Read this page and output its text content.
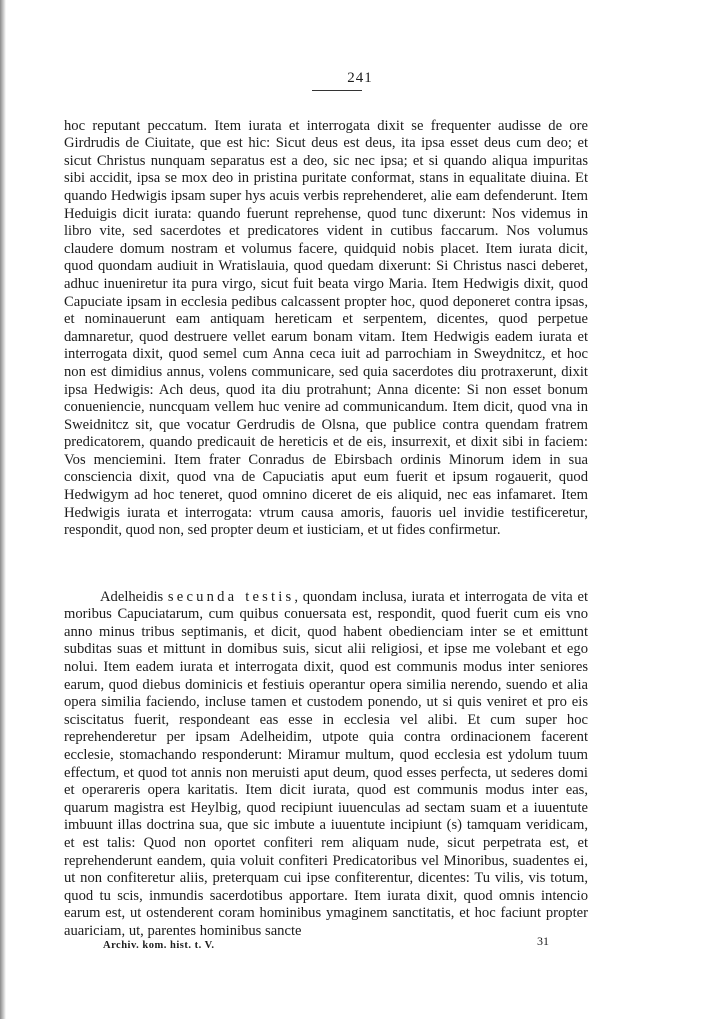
241

hoc reputant peccatum. Item iurata et interrogata dixit se frequenter audisse de ore Girdrudis de Ciuitate, que est hic: Sicut deus est deus, ita ipsa esset deus cum deo; et sicut Christus nunquam separatus est a deo, sic nec ipsa; et si quando aliqua impuritas sibi accidit, ipsa se mox deo in pristina puritate conformat, stans in equalitate diuina. Et quando Hedwigis ipsam super hys acuis verbis reprehenderet, alie eam defenderunt. Item Heduigis dicit iurata: quando fuerunt reprehense, quod tunc dixerunt: Nos videmus in libro vite, sed sacerdotes et predicatores vident in cutibus faccarum. Nos volumus claudere domum nostram et volumus facere, quidquid nobis placet. Item iurata dicit, quod quondam audiuit in Wratislauia, quod quedam dixerunt: Si Christus nasci deberet, adhuc inueniretur ita pura virgo, sicut fuit beata virgo Maria. Item Hedwigis dixit, quod Capuciate ipsam in ecclesia pedibus calcassent propter hoc, quod deponeret contra ipsas, et nominauerunt eam antiquam hereticam et serpentem, dicentes, quod perpetue damnaretur, quod destruere vellet earum bonam vitam. Item Hedwigis eadem iurata et interrogata dixit, quod semel cum Anna ceca iuit ad parrochiam in Sweydnitcz, et hoc non est dimidius annus, volens communicare, sed quia sacerdotes diu protraxerunt, dixit ipsa Hedwigis: Ach deus, quod ita diu protrahunt; Anna dicente: Si non esset bonum conueniencie, nuncquam vellem huc venire ad communicandum. Item dicit, quod vna in Sweidnitcz sit, que vocatur Gerdrudis de Olsna, que publice contra quendam fratrem predicatorem, quando predicauit de hereticis et de eis, insurrexit, et dixit sibi in faciem: Vos mencieminі. Item frater Conradus de Ebirsbach ordinis Minorum idem in sua consciencia dixit, quod vna de Capuciatis aput eum fuerit et ipsum rogauerit, quod Hedwigym ad hoc teneret, quod omnino diceret de eis aliquid, nec eas infamaret. Item Hedwigis iurata et interrogata: vtrum causa amoris, fauoris uel invidie testificeretur, respondit, quod non, sed propter deum et iusticiam, et ut fides confirmetur.

Adelheidis secunda testis, quondam inclusa, iurata et interrogata de vita et moribus Capuciatarum, cum quibus conuersata est, respondit, quod fuerit cum eis vno anno minus tribus septimanis, et dicit, quod habent obedienciam inter se et emittunt subditas suas et mittunt in domibus suis, sicut alii religiosi, et ipse me volebant et ego nolui. Item eadem iurata et interrogata dixit, quod est communis modus inter seniores earum, quod diebus dominicis et festiuis operantur opera similia nerendo, suendo et alia opera similia faciendo, incluse tamen et custodem ponendo, ut si quis veniret et pro eis sciscitatus fuerit, respondeant eas esse in ecclesia vel alibi. Et cum super hoc reprehenderetur per ipsam Adelheidim, utpote quia contra ordinacionem facerent ecclesie, stomachando responderunt: Miramur multum, quod ecclesia est ydolum tuum effectum, et quod tot annis non meruisti aput deum, quod esses perfecta, ut sederes domi et operareris opera karitatis. Item dicit iurata, quod est communis modus inter eas, quarum magistra est Heylbig, quod recipiunt iuuenculas ad sectam suam et a iuuentute imbuunt illas doctrina sua, que sic imbute a iuuentute incipiunt (s) tamquam veridicam, et est talis: Quod non oportet confiteri rem aliquam nude, sicut perpetrata est, et reprehenderunt eandem, quia voluit confiteri Predicatoribus vel Minoribus, suadentes ei, ut non confiteretur aliis, preterquam cui ipse confiterentur, dicentes: Tu vilis, vis totum, quod tu scis, inmundis sacerdotibus apportare. Item iurata dixit, quod omnis intencio earum est, ut ostenderent coram hominibus ymaginem sanctitatis, et hoc faciunt propter auariciam, ut, parentes hominibus sancte

Archiv. kom. hist. t. V.	31
